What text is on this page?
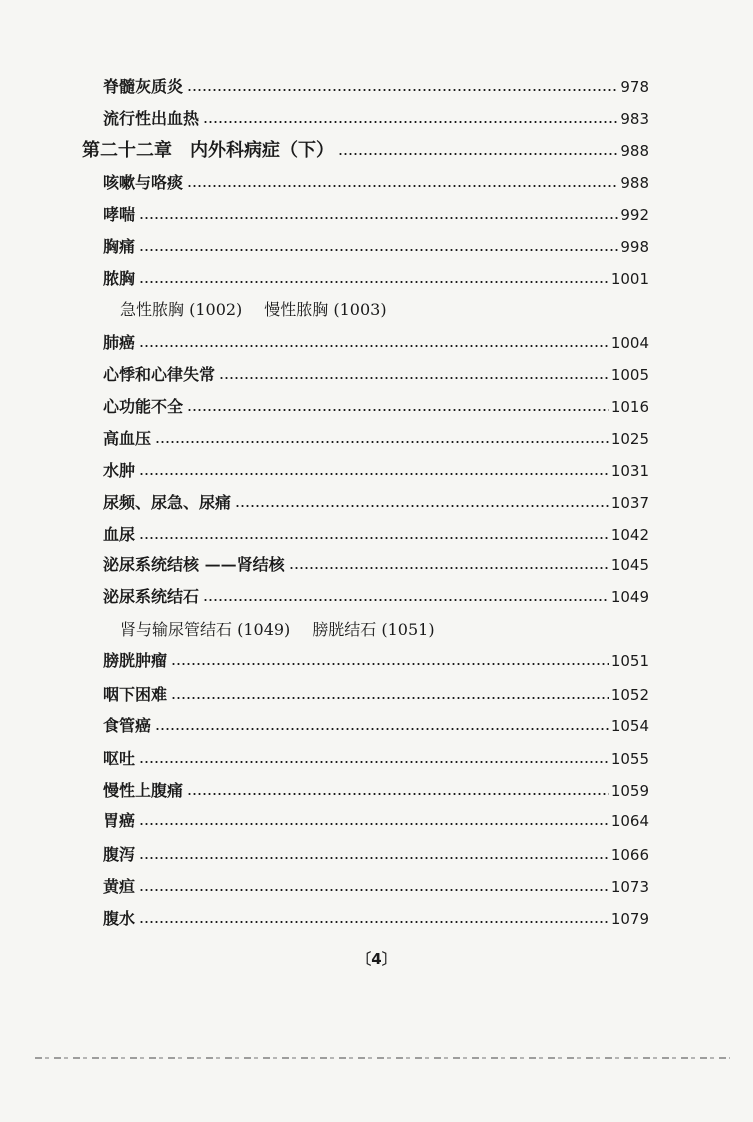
脊髓灰质炎	978
流行性出血热	983
第二十二章　内外科病症（下）	988
咳嗽与咯痰	988
哮喘	992
胸痛	998
脓胸	1001
急性脓胸 (1002) 慢性脓胸 (1003)
肺癌	1004
心悸和心律失常	1005
心功能不全	1016
高血压	1025
水肿	1031
尿频、尿急、尿痛	1037
血尿	1042
泌尿系统结核 ——肾结核	1045
泌尿系统结石	1049
肾与输尿管结石 (1049) 膀胱结石 (1051)
膀胱肿瘤	1051
咽下困难	1052
食管癌	1054
呕吐	1055
慢性上腹痛	1059
胃癌	1064
腹泻	1066
黄疸	1073
腹水	1079
〔4〕
